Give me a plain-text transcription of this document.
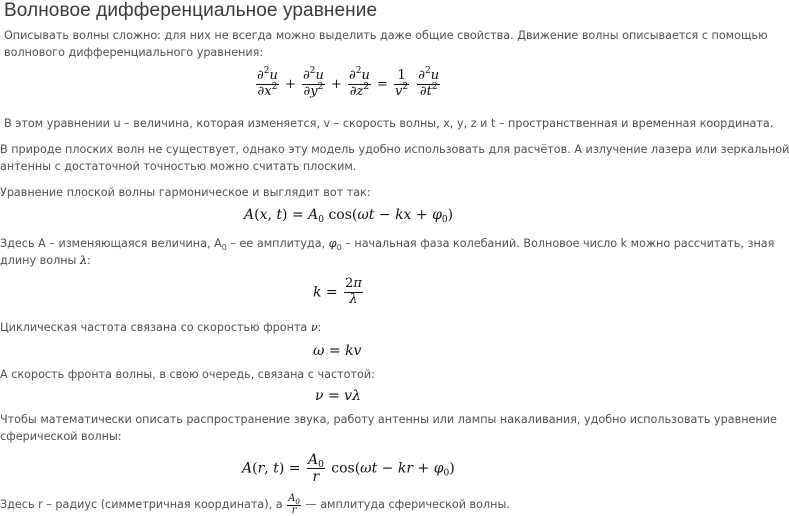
Волновое дифференциальное уравнение

Описывать волны сложно: для них не всегда можно выделить даже общие свойства. Движение волны описывается с помощью

волнового дифференциального уравнения:

$\frac{\partial^2u}{\partial x^2} + \frac{\partial^2u}{\partial y^2} + \frac{\partial^2u}{\partial z^2} = \frac{1}{v^2}$
$\frac{\partial^2u}{\partial t^2}$

В этом уравнении u – величина, которая изменяется, v – скорость волны, x, y, z и t – пространственная и временная координата.

В природе плоских волн не существует, однако эту модель удобно использовать для расчётов. А излучение лазера или зеркальной

антенны с достаточной точностью можно считать плоским.

Уравнение плоской волны гармоническое и выглядит вот так:

A(x, $t) = A_0$ cos(ωt − kx + $\varphi_0$)

Здесь А – изменяющаяся величина, $А_0$ – ее амплитуда, $\varphi_0$ – начальная фаза колебаний. Волновое число k можно рассчитать, зная

длину волны λ:

$k = \frac{2\pi}{\lambda}$

Циклическая частота связана со скоростью фронта ν:

ω = kv

А скорость фронта волны, в свою очередь, связана с частотой:

ν = vλ

Чтобы математически описать распространение звука, работу антенны или лампы накаливания, удобно использовать уравнение

сферической волны:

A(r, $t) = \frac{A_0}{r} \cos(\omega t$ − kr + $\varphi_0$)

Здесь r – радиус (симметричная координата), а $\frac{A_0}{r}$ — амплитуда сферической волны.
